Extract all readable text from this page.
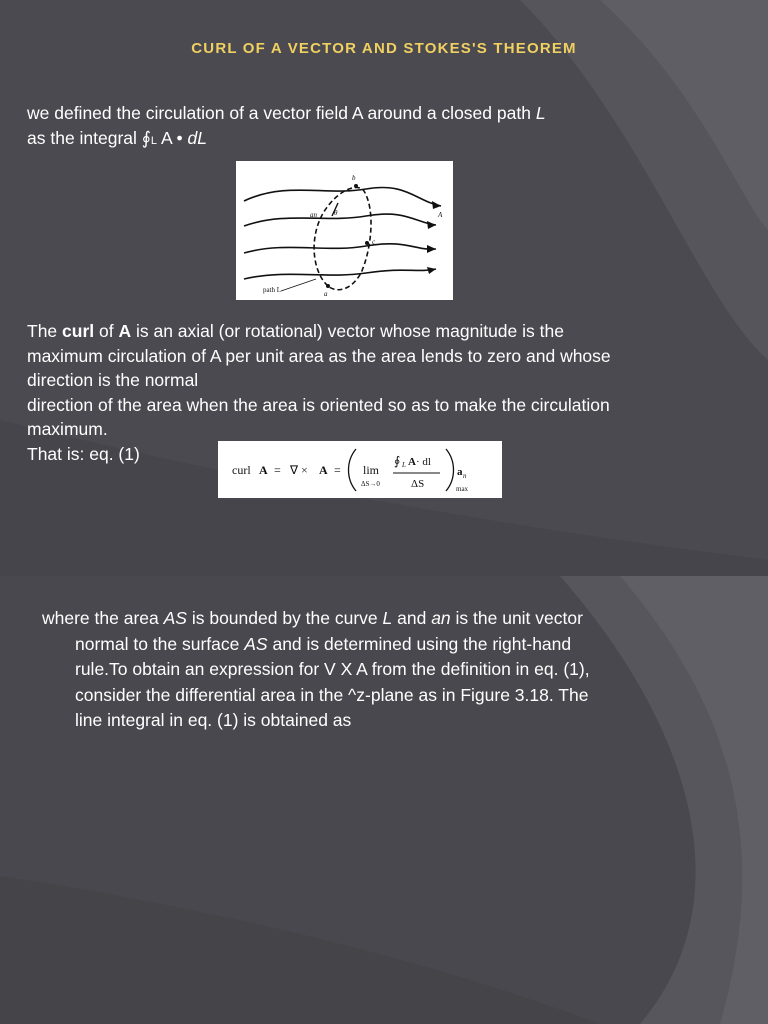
CURL OF A VECTOR AND STOKES'S THEOREM
we defined the circulation of a vector field A around a closed path L
as the integral ∮L A • dL
b
an θ	A
c
path L	a
The curl of A is an axial (or rotational) vector whose magnitude is the
maximum circulation of A per unit area as the area lends to zero and whose
direction is the normal
direction of the area when the area is oriented so as to make the circulation
maximum.
That is: eq. (1)
curl A = ∇ × A = lim
ΔS→0
∮ L A · dl
ΔS
a n
max
where the area AS is bounded by the curve L and an is the unit vector
normal to the surface AS and is determined using the right-hand
rule.To obtain an expression for V X A from the definition in eq. (1),
consider the differential area in the ^z-plane as in Figure 3.18. The
line integral in eq. (1) is obtained as
